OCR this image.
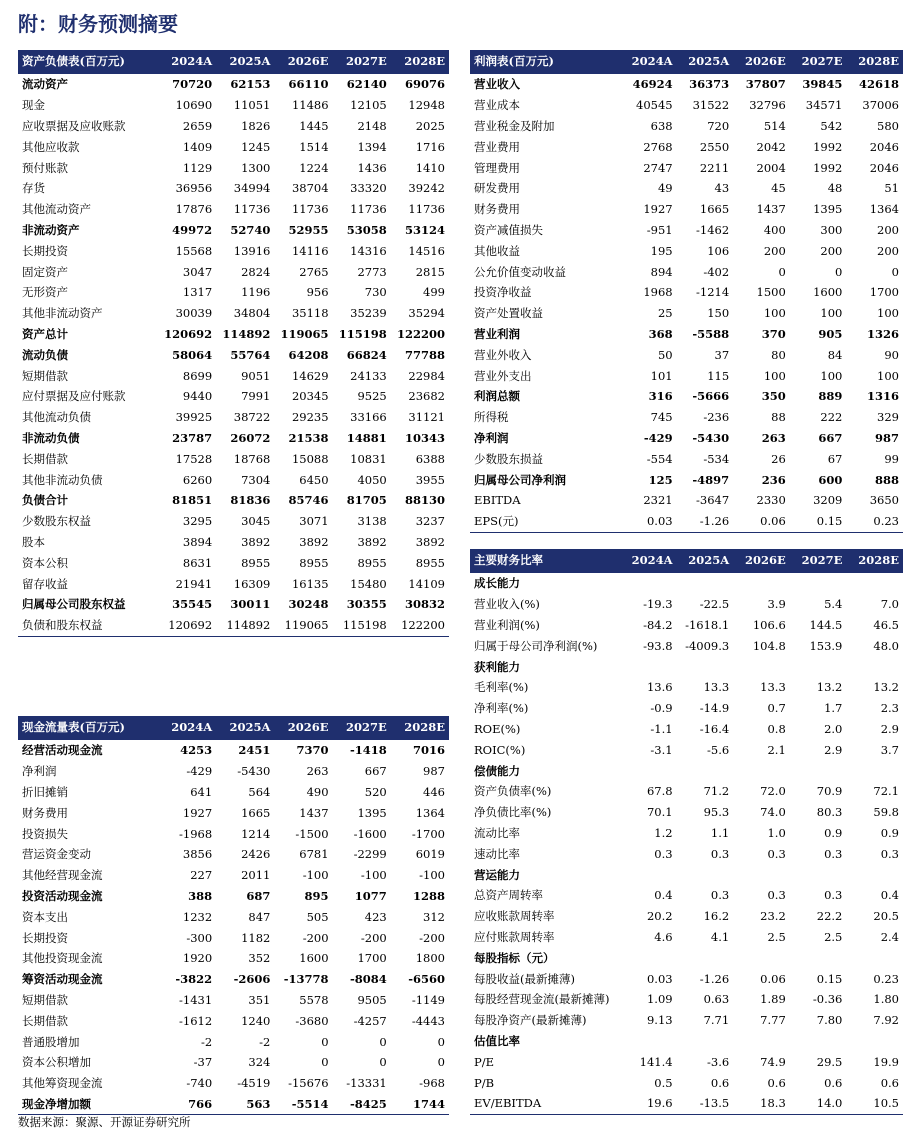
附：财务预测摘要
资产负债表(百万元)	2024A	2025A	2026E	2027E	2028E
流动资产	70720	62153	66110	62140	69076
现金	10690	11051	11486	12105	12948
应收票据及应收账款	2659	1826	1445	2148	2025
其他应收款	1409	1245	1514	1394	1716
预付账款	1129	1300	1224	1436	1410
存货	36956	34994	38704	33320	39242
其他流动资产	17876	11736	11736	11736	11736
非流动资产	49972	52740	52955	53058	53124
长期投资	15568	13916	14116	14316	14516
固定资产	3047	2824	2765	2773	2815
无形资产	1317	1196	956	730	499
其他非流动资产	30039	34804	35118	35239	35294
资产总计	120692	114892	119065	115198	122200
流动负债	58064	55764	64208	66824	77788
短期借款	8699	9051	14629	24133	22984
应付票据及应付账款	9440	7991	20345	9525	23682
其他流动负债	39925	38722	29235	33166	31121
非流动负债	23787	26072	21538	14881	10343
长期借款	17528	18768	15088	10831	6388
其他非流动负债	6260	7304	6450	4050	3955
负债合计	81851	81836	85746	81705	88130
少数股东权益	3295	3045	3071	3138	3237
股本	3894	3892	3892	3892	3892
资本公积	8631	8955	8955	8955	8955
留存收益	21941	16309	16135	15480	14109
归属母公司股东权益	35545	30011	30248	30355	30832
负债和股东权益	120692	114892	119065	115198	122200
利润表(百万元)	2024A	2025A	2026E	2027E	2028E
营业收入	46924	36373	37807	39845	42618
营业成本	40545	31522	32796	34571	37006
营业税金及附加	638	720	514	542	580
营业费用	2768	2550	2042	1992	2046
管理费用	2747	2211	2004	1992	2046
研发费用	49	43	45	48	51
财务费用	1927	1665	1437	1395	1364
资产减值损失	-951	-1462	400	300	200
其他收益	195	106	200	200	200
公允价值变动收益	894	-402	0	0	0
投资净收益	1968	-1214	1500	1600	1700
资产处置收益	25	150	100	100	100
营业利润	368	-5588	370	905	1326
营业外收入	50	37	80	84	90
营业外支出	101	115	100	100	100
利润总额	316	-5666	350	889	1316
所得税	745	-236	88	222	329
净利润	-429	-5430	263	667	987
少数股东损益	-554	-534	26	67	99
归属母公司净利润	125	-4897	236	600	888
EBITDA	2321	-3647	2330	3209	3650
EPS(元)	0.03	-1.26	0.06	0.15	0.23
主要财务比率	2024A	2025A	2026E	2027E	2028E
成长能力					
营业收入(%)	-19.3	-22.5	3.9	5.4	7.0
营业利润(%)	-84.2	-1618.1	106.6	144.5	46.5
归属于母公司净利润(%)	-93.8	-4009.3	104.8	153.9	48.0
获利能力					
毛利率(%)	13.6	13.3	13.3	13.2	13.2
净利率(%)	-0.9	-14.9	0.7	1.7	2.3
ROE(%)	-1.1	-16.4	0.8	2.0	2.9
ROIC(%)	-3.1	-5.6	2.1	2.9	3.7
偿债能力					
资产负债率(%)	67.8	71.2	72.0	70.9	72.1
净负债比率(%)	70.1	95.3	74.0	80.3	59.8
流动比率	1.2	1.1	1.0	0.9	0.9
速动比率	0.3	0.3	0.3	0.3	0.3
营运能力					
总资产周转率	0.4	0.3	0.3	0.3	0.4
应收账款周转率	20.2	16.2	23.2	22.2	20.5
应付账款周转率	4.6	4.1	2.5	2.5	2.4
每股指标（元）					
每股收益(最新摊薄)	0.03	-1.26	0.06	0.15	0.23
每股经营现金流(最新摊薄)	1.09	0.63	1.89	-0.36	1.80
每股净资产(最新摊薄)	9.13	7.71	7.77	7.80	7.92
估值比率					
P/E	141.4	-3.6	74.9	29.5	19.9
P/B	0.5	0.6	0.6	0.6	0.6
EV/EBITDA	19.6	-13.5	18.3	14.0	10.5
现金流量表(百万元)	2024A	2025A	2026E	2027E	2028E
经营活动现金流	4253	2451	7370	-1418	7016
净利润	-429	-5430	263	667	987
折旧摊销	641	564	490	520	446
财务费用	1927	1665	1437	1395	1364
投资损失	-1968	1214	-1500	-1600	-1700
营运资金变动	3856	2426	6781	-2299	6019
其他经营现金流	227	2011	-100	-100	-100
投资活动现金流	388	687	895	1077	1288
资本支出	1232	847	505	423	312
长期投资	-300	1182	-200	-200	-200
其他投资现金流	1920	352	1600	1700	1800
筹资活动现金流	-3822	-2606	-13778	-8084	-6560
短期借款	-1431	351	5578	9505	-1149
长期借款	-1612	1240	-3680	-4257	-4443
普通股增加	-2	-2	0	0	0
资本公积增加	-37	324	0	0	0
其他筹资现金流	-740	-4519	-15676	-13331	-968
现金净增加额	766	563	-5514	-8425	1744
数据来源：聚源、开源证券研究所
